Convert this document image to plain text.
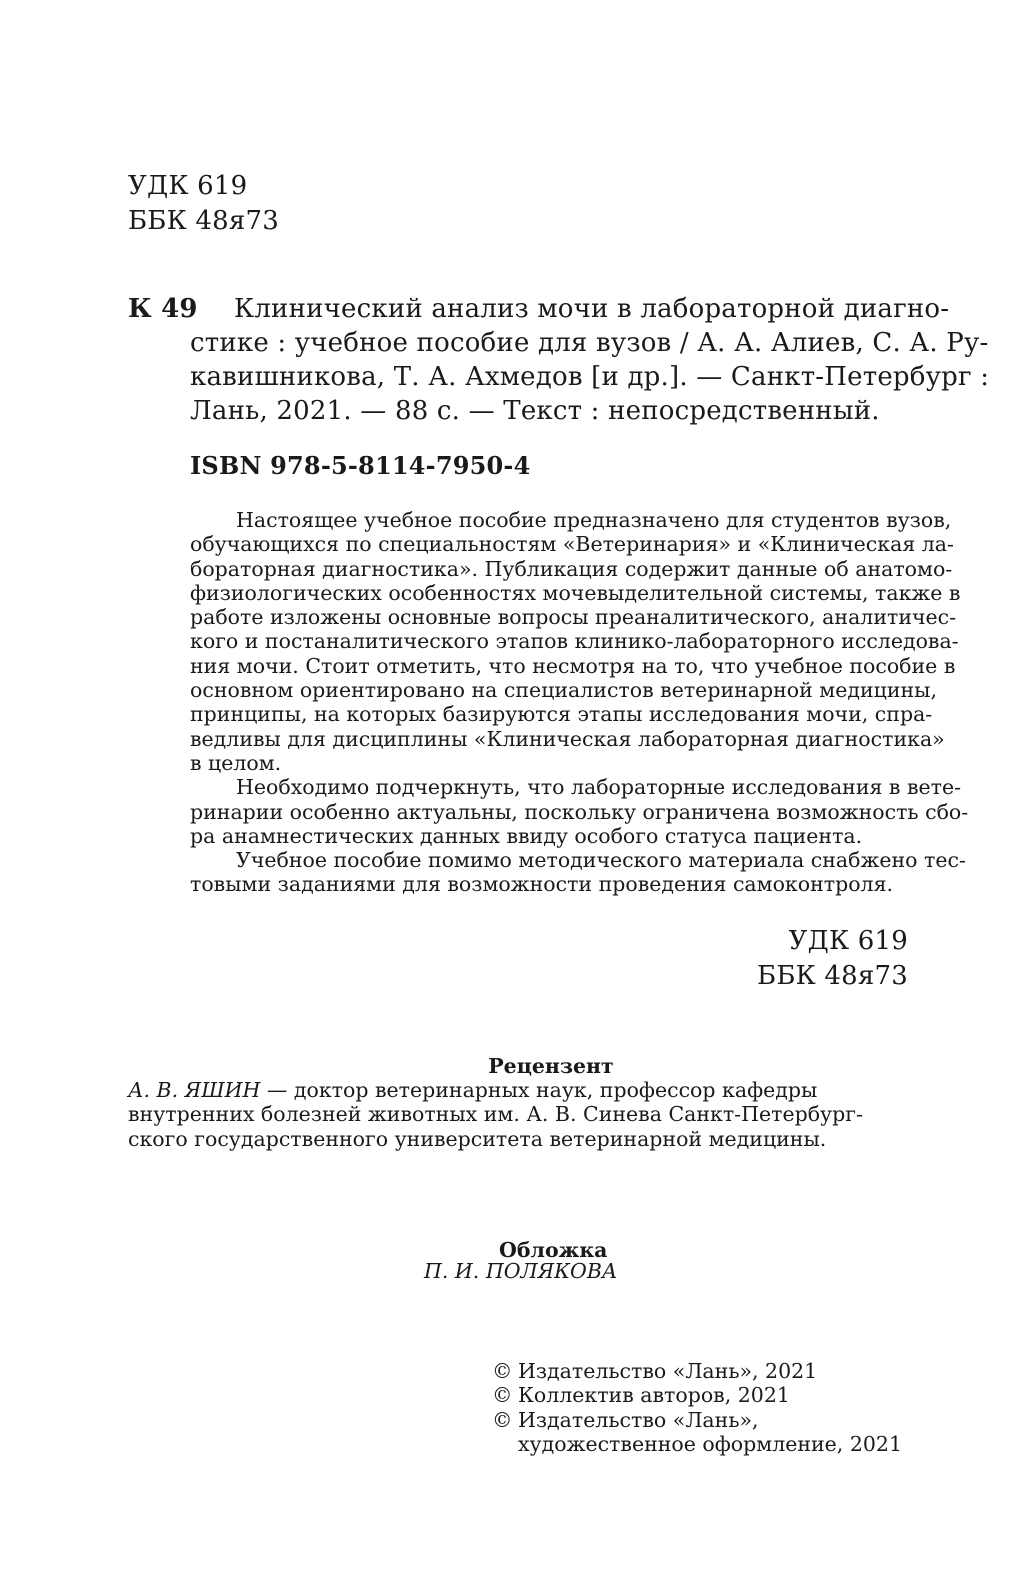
УДК 619
ББК 48я73
К 49	Клинический анализ мочи в лабораторной диагно-
стике : учебное пособие для вузов / А. А. Алиев, С. А. Ру-
кавишникова, Т. А. Ахмедов [и др.]. — Санкт-Петербург :
Лань, 2021. — 88 с. — Текст : непосредственный.
ISBN 978-5-8114-7950-4
Настоящее учебное пособие предназначено для студентов вузов,
обучающихся по специальностям «Ветеринария» и «Клиническая ла-
бораторная диагностика». Публикация содержит данные об анатомо-
физиологических особенностях мочевыделительной системы, также в
работе изложены основные вопросы преаналитического, аналитичес-
кого и постаналитического этапов клинико-лабораторного исследова-
ния мочи. Стоит отметить, что несмотря на то, что учебное пособие в
основном ориентировано на специалистов ветеринарной медицины,
принципы, на которых базируются этапы исследования мочи, спра-
ведливы для дисциплины «Клиническая лабораторная диагностика»
в целом.
Необходимо подчеркнуть, что лабораторные исследования в вете-
ринарии особенно актуальны, поскольку ограничена возможность сбо-
ра анамнестических данных ввиду особого статуса пациента.
Учебное пособие помимо методического материала снабжено тес-
товыми заданиями для возможности проведения самоконтроля.
УДК 619
ББК 48я73
Рецензент
А. В. ЯШИН — доктор ветеринарных наук, профессор кафедры
внутренних болезней животных им. А. В. Синева Санкт-Петербург-
ского государственного университета ветеринарной медицины.
Обложка
П. И. ПОЛЯКОВА
© Издательство «Лань», 2021
© Коллектив авторов, 2021
© Издательство «Лань»,
художественное оформление, 2021
